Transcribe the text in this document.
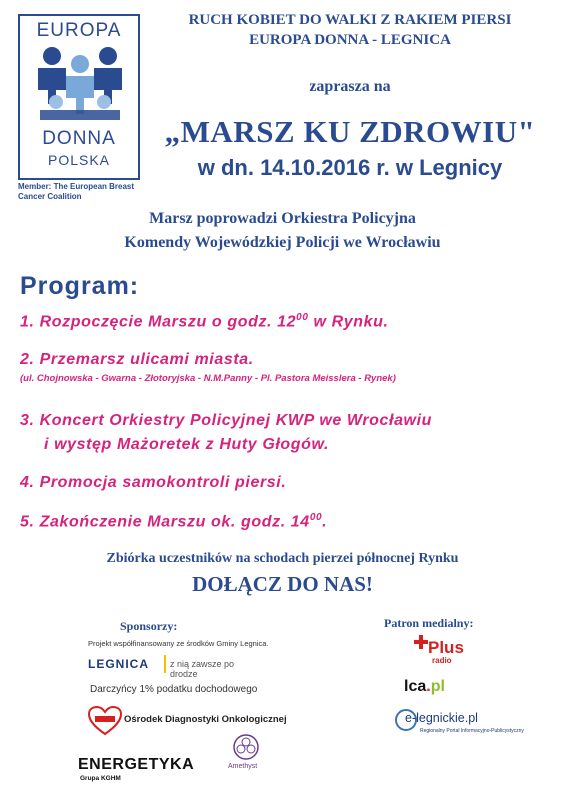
EUROPA
DONNA
POLSKA
Member: The European Breast Cancer Coalition
RUCH KOBIET DO WALKI Z RAKIEM PIERSI
EUROPA DONNA - LEGNICA
zaprasza na
„MARSZ KU ZDROWIU"
w dn. 14.10.2016 r. w Legnicy
Marsz poprowadzi Orkiestra Policyjna
Komendy Wojewódzkiej Policji we Wrocławiu
Program:
1. Rozpoczęcie Marszu o godz. $12^{00}$ w Rynku.
2. Przemarsz ulicami miasta.
(ul. Chojnowska - Gwarna - Złotoryjska - N.M.Panny - Pl. Pastora Meisslera - Rynek)
3. Koncert Orkiestry Policyjnej KWP we Wrocławiu
i występ Mażoretek z Huty Głogów.
4. Promocja samokontroli piersi.
5. Zakończenie Marszu ok. godz. $14^{00}$.
Zbiórka uczestników na schodach pierzei północnej Rynku
DOŁĄCZ DO NAS!
Sponsorzy:
Projekt współfinansowany ze środków Gminy Legnica.
LEGNICA z nią zawsze po drodze
Darczyńcy 1% podatku dochodowego
Ośrodek Diagnostyki Onkologicznej
ENERGETYKA
Grupa KGHM
Amethyst
Patron medialny:
Plus
radio
lca.pl
e-legnickie.pl
Regionalny Portal Informacyjno-Publicystyczny
